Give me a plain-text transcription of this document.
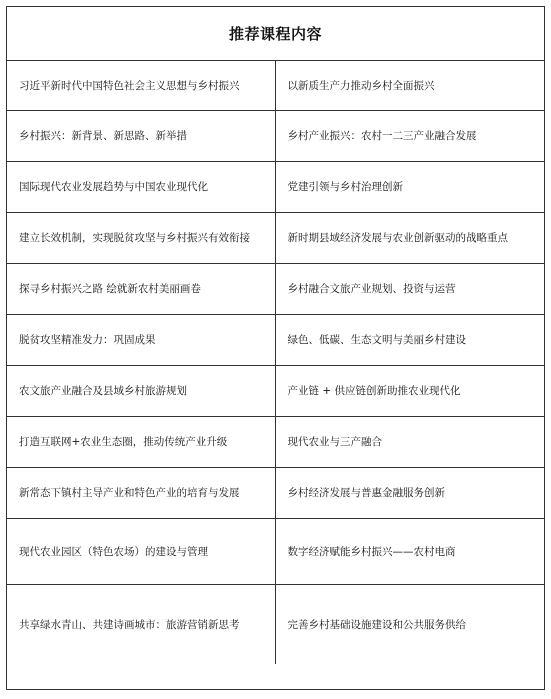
推荐课程内容
习近平新时代中国特色社会主义思想与乡村振兴	以新质生产力推动乡村全面振兴
乡村振兴：新背景、新思路、新举措	乡村产业振兴：农村一二三产业融合发展
国际现代农业发展趋势与中国农业现代化	党建引领与乡村治理创新
建立长效机制，实现脱贫攻坚与乡村振兴有效衔接	新时期县域经济发展与农业创新驱动的战略重点
探寻乡村振兴之路 绘就新农村美丽画卷	乡村融合文旅产业规划、投资与运营
脱贫攻坚精准发力：巩固成果	绿色、低碳、生态文明与美丽乡村建设
农文旅产业融合及县域乡村旅游规划	产业链 + 供应链创新助推农业现代化
打造互联网+农业生态圈，推动传统产业升级	现代农业与三产融合
新常态下镇村主导产业和特色产业的培育与发展	乡村经济发展与普惠金融服务创新
现代农业园区（特色农场）的建设与管理	数字经济赋能乡村振兴——农村电商
共享绿水青山、共建诗画城市：旅游营销新思考	完善乡村基础设施建设和公共服务供给
